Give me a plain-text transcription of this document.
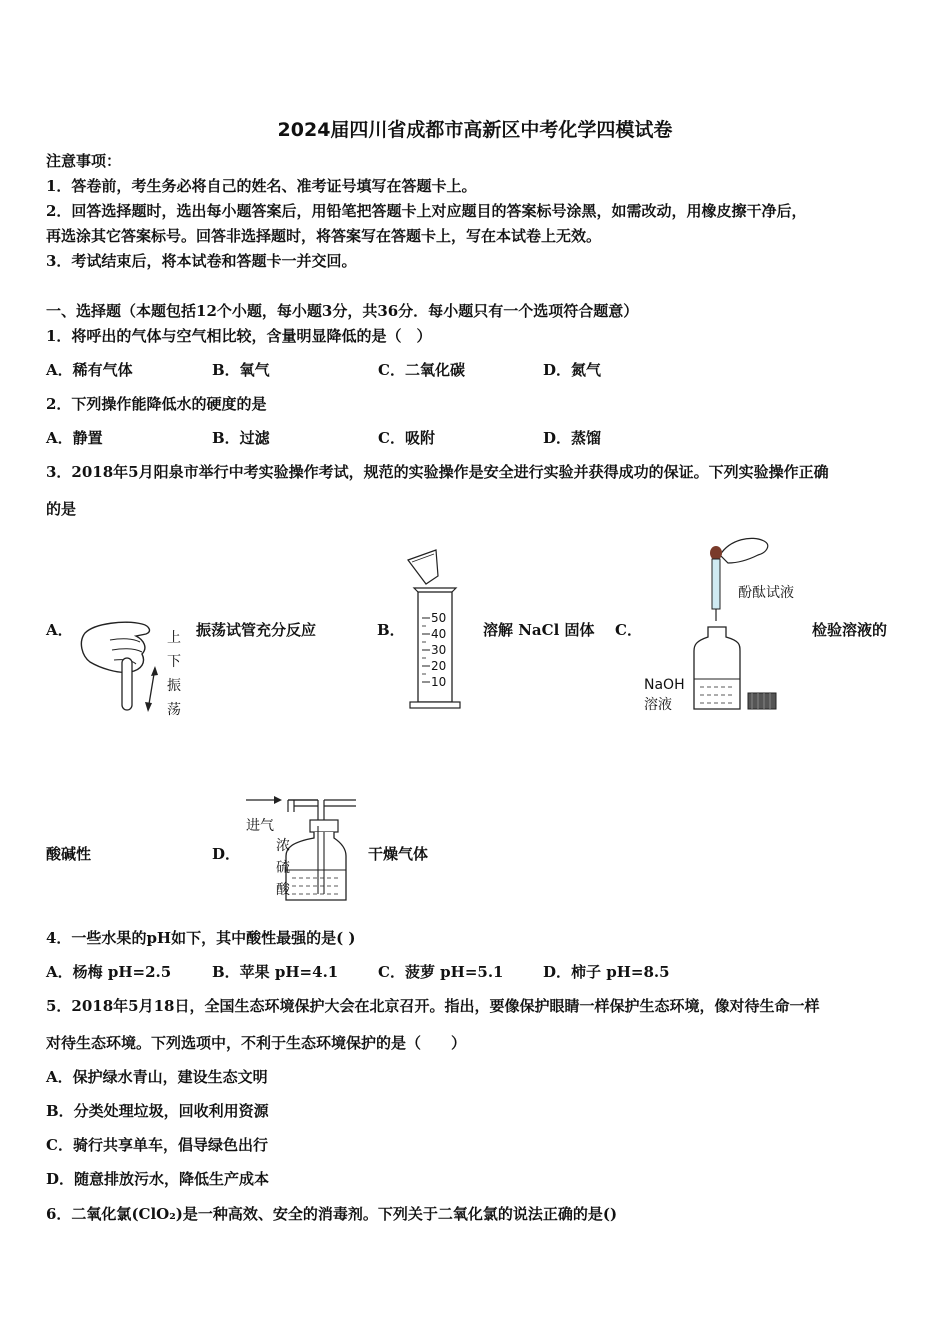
2024届四川省成都市高新区中考化学四模试卷
注意事项：
1．答卷前，考生务必将自己的姓名、准考证号填写在答题卡上。
2．回答选择题时，选出每小题答案后，用铅笔把答题卡上对应题目的答案标号涂黑，如需改动，用橡皮擦干净后，
再选涂其它答案标号。回答非选择题时，将答案写在答题卡上，写在本试卷上无效。
3．考试结束后，将本试卷和答题卡一并交回。
一、选择题（本题包括12个小题，每小题3分，共36分．每小题只有一个选项符合题意）
1．将呼出的气体与空气相比较，含量明显降低的是（　）
A．稀有气体	B．氧气	C．二氧化碳	D．氮气
2．下列操作能降低水的硬度的是
A．静置	B．过滤	C．吸附	D．蒸馏
3．2018年5月阳泉市举行中考实验操作考试，规范的实验操作是安全进行实验并获得成功的保证。下列实验操作正确
的是
A．	上
下
振
荡
振荡试管充分反应	B．
50
40
30
20
10
溶解 NaCl 固体 C．
酚酞试液
NaOH
溶液
检验溶液的
酸碱性	D．
进气
浓
硫
酸
干燥气体
4．一些水果的pH如下，其中酸性最强的是( )
A．杨梅 pH=2.5	B．苹果 pH=4.1	C．菠萝 pH=5.1	D．柿子 pH=8.5
5．2018年5月18日，全国生态环境保护大会在北京召开。指出，要像保护眼睛一样保护生态环境，像对待生命一样
对待生态环境。下列选项中，不利于生态环境保护的是（　　）
A．保护绿水青山，建设生态文明
B．分类处理垃圾，回收利用资源
C．骑行共享单车，倡导绿色出行
D．随意排放污水，降低生产成本
6．二氧化氯(ClO₂)是一种高效、安全的消毒剂。下列关于二氧化氯的说法正确的是()
